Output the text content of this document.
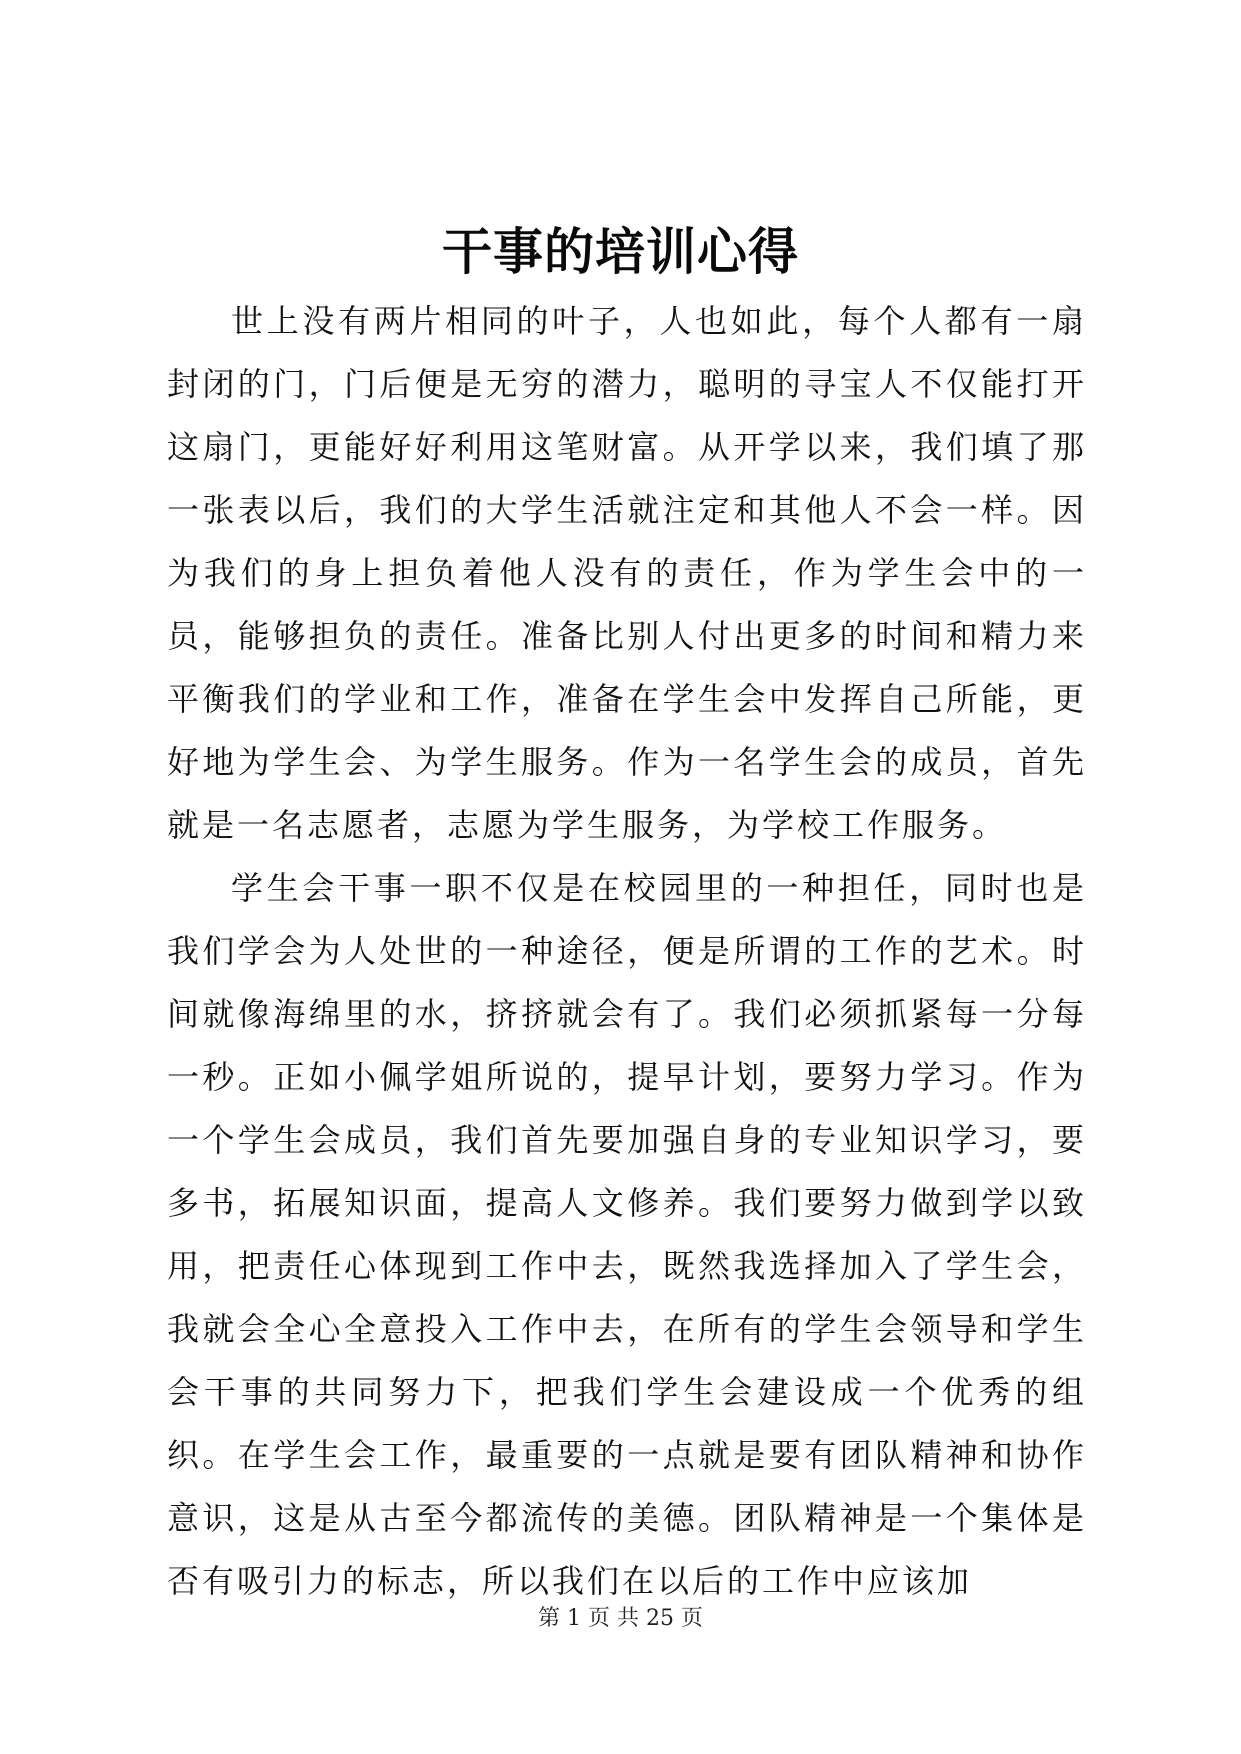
干事的培训心得

世上没有两片相同的叶子，人也如此，每个人都有一扇封闭的门，门后便是无穷的潜力，聪明的寻宝人不仅能打开这扇门，更能好好利用这笔财富。从开学以来，我们填了那一张表以后，我们的大学生活就注定和其他人不会一样。因为我们的身上担负着他人没有的责任，作为学生会中的一员，能够担负的责任。准备比别人付出更多的时间和精力来平衡我们的学业和工作，准备在学生会中发挥自己所能，更好地为学生会、为学生服务。作为一名学生会的成员，首先就是一名志愿者，志愿为学生服务，为学校工作服务。

学生会干事一职不仅是在校园里的一种担任，同时也是我们学会为人处世的一种途径，便是所谓的工作的艺术。时间就像海绵里的水，挤挤就会有了。我们必须抓紧每一分每一秒。正如小佩学姐所说的，提早计划，要努力学习。作为一个学生会成员，我们首先要加强自身的专业知识学习，要多书，拓展知识面，提高人文修养。我们要努力做到学以致用，把责任心体现到工作中去，既然我选择加入了学生会，我就会全心全意投入工作中去，在所有的学生会领导和学生会干事的共同努力下，把我们学生会建设成一个优秀的组织。在学生会工作，最重要的一点就是要有团队精神和协作意识，这是从古至今都流传的美德。团队精神是一个集体是否有吸引力的标志，所以我们在以后的工作中应该加

第 1 页 共 25 页
